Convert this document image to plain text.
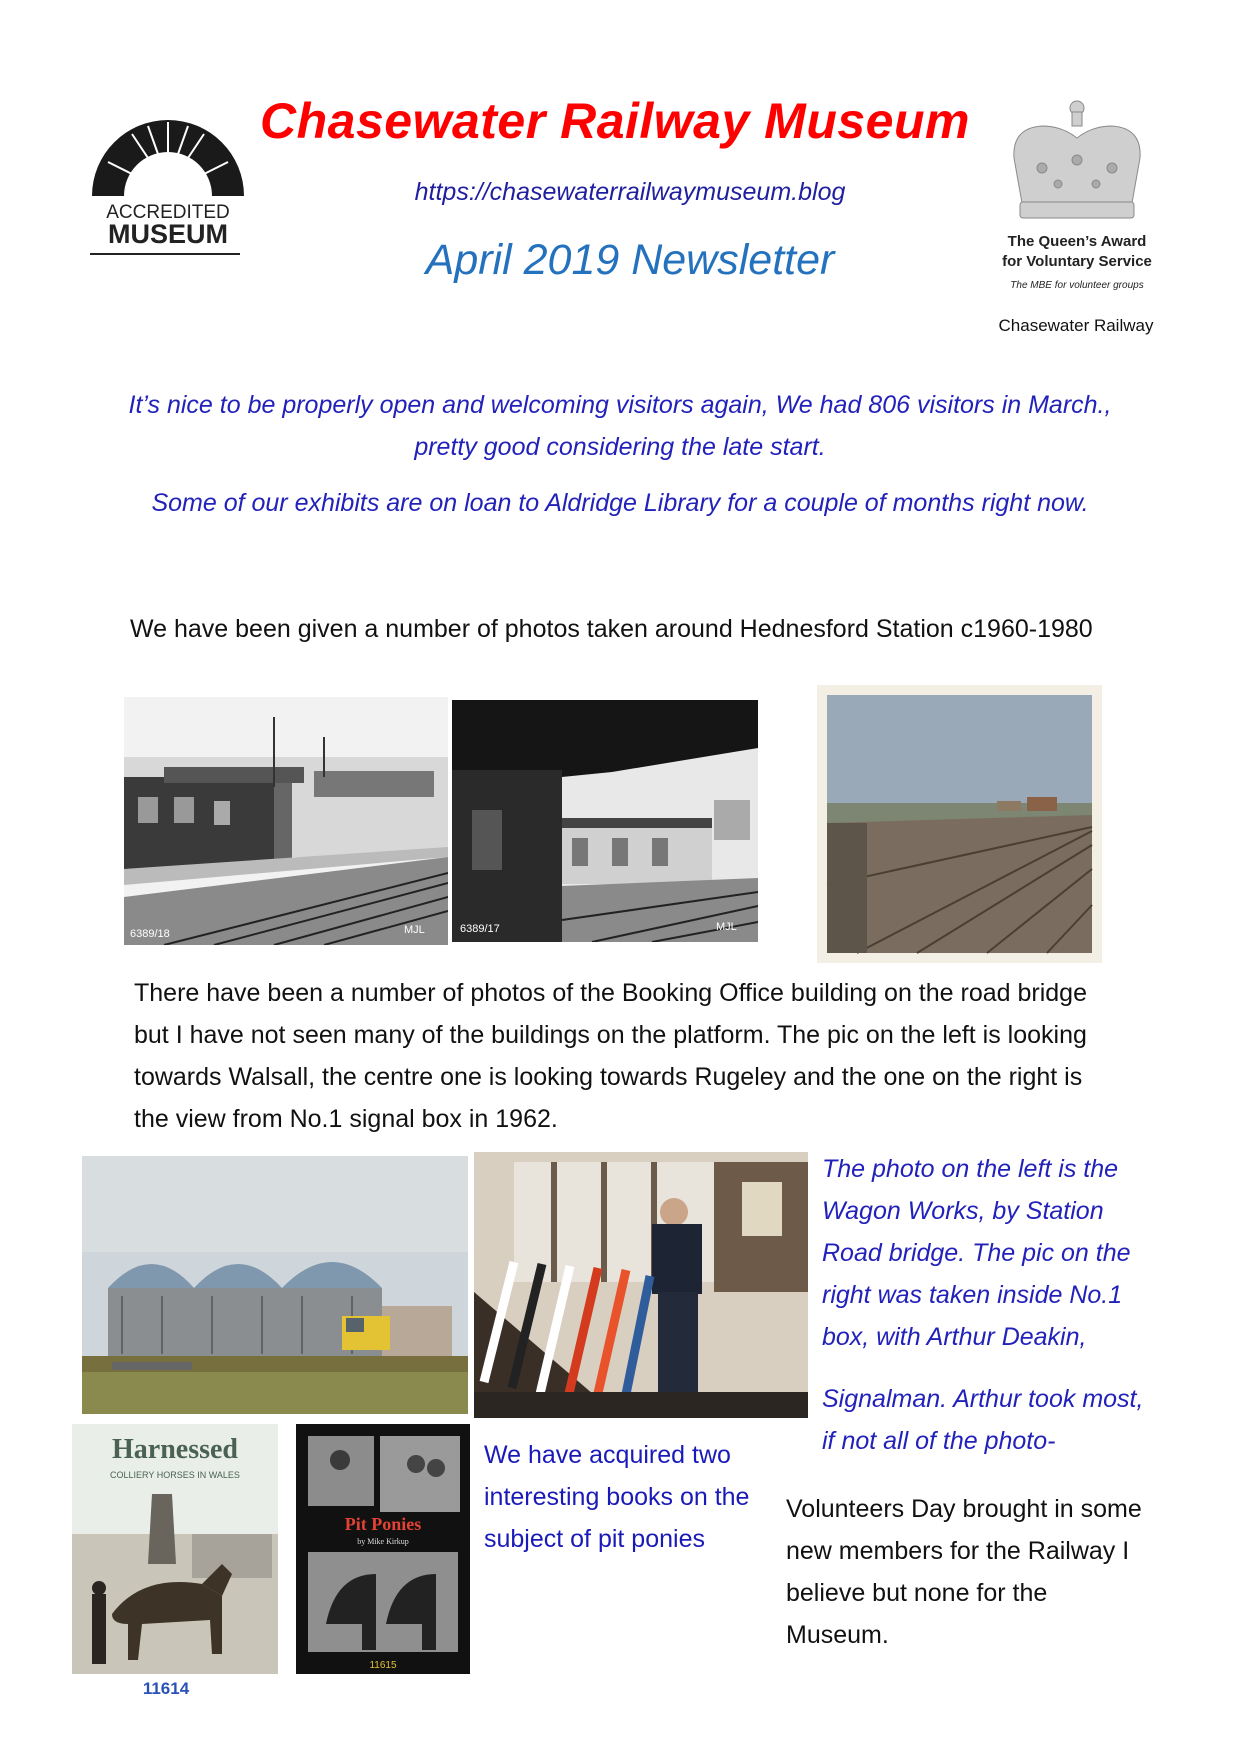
ACCREDITED
MUSEUM
Chasewater Railway Museum
https://chasewaterrailwaymuseum.blog
April 2019 Newsletter	The Queen’s Award
for Voluntary Service
The MBE for volunteer groups
Chasewater Railway
It’s nice to be properly open and welcoming visitors again, We had 806 visitors in March., pretty good considering the late start.
Some of our exhibits are on loan to Aldridge Library for a couple of months right now.
We have been given a number of photos taken around Hednesford Station c1960-1980
6389/18	MJL	6389/17	MJL
There have been a number of photos of the Booking Office building on the road bridge but I have not seen many of the buildings on the platform. The pic on the left is looking towards Walsall, the centre one is looking towards Rugeley and the one on the right is the view from No.1 signal box in 1962.
The photo on the left is the Wagon Works, by Station Road bridge. The pic on the right was taken inside No.1 box, with Arthur Deakin,
Signalman. Arthur took most, if not all of the photo-
Harnessed
COLLIERY HORSES IN WALES
11614
Pit Ponies
by Mike Kirkup
11615
We have acquired two interesting books on the subject of pit ponies
Volunteers Day brought in some new members for the Railway I believe but none for the Museum.
